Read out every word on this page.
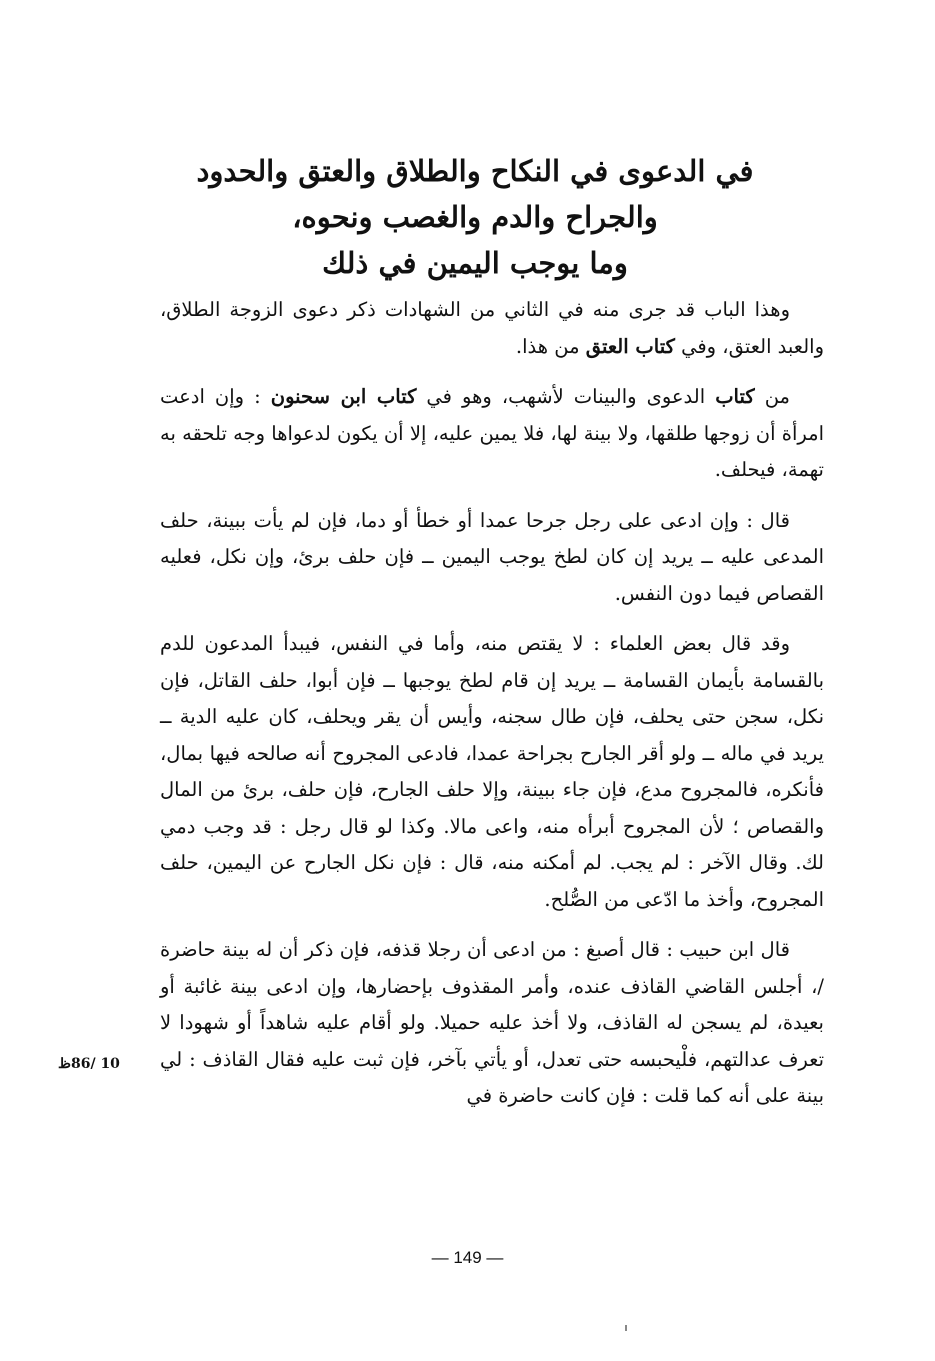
في الدعوى في النكاح والطلاق والعتق والحدود
والجراح والدم والغصب ونحوه،
وما يوجب اليمين في ذلك

وهذا الباب قد جرى منه في الثاني من الشهادات ذكر دعوى الزوجة الطلاق، والعبد العتق، وفي كتاب العتق من هذا.

من كتاب الدعوى والبينات لأشهب، وهو في كتاب ابن سحنون : وإن ادعت امرأة أن زوجها طلقها، ولا بينة لها، فلا يمين عليه، إلا أن يكون لدعواها وجه تلحقه به تهمة، فيحلف.

قال : وإن ادعى على رجل جرحا عمدا أو خطأ أو دما، فإن لم يأت ببينة، حلف المدعى عليه ــ يريد إن كان لطخ يوجب اليمين ــ فإن حلف برئ، وإن نكل، فعليه القصاص فيما دون النفس.

وقد قال بعض العلماء : لا يقتص منه، وأما في النفس، فيبدأ المدعون للدم بالقسامة بأيمان القسامة ــ يريد إن قام لطخ يوجبها ــ فإن أبوا، حلف القاتل، فإن نكل، سجن حتى يحلف، فإن طال سجنه، وأيس أن يقر ويحلف، كان عليه الدية ــ يريد في ماله ــ ولو أقر الجارح بجراحة عمدا، فادعى المجروح أنه صالحه فيها بمال، فأنكره، فالمجروح مدع، فإن جاء ببينة، وإلا حلف الجارح، فإن حلف، برئ من المال والقصاص ؛ لأن المجروح أبرأه منه، واعى مالا. وكذا لو قال رجل : قد وجب دمي لك. وقال الآخر : لم يجب. لم أمكنه منه، قال : فإن نكل الجارح عن اليمين، حلف المجروح، وأخذ ما ادّعى من الصُّلح.

قال ابن حبيب : قال أصبغ : من ادعى أن رجلا قذفه، فإن ذكر أن له بينة حاضرة /، أجلس القاضي القاذف عنده، وأمر المقذوف بإحضارها، وإن ادعى بينة غائبة أو بعيدة، لم يسجن له القاذف، ولا أخذ عليه حميلا. ولو أقام عليه شاهداً أو شهودا لا تعرف عدالتهم، فلْيحبسه حتى تعدل، أو يأتي بآخر، فإن ثبت عليه فقال القاذف : لي بينة على أنه كما قلت : فإن كانت حاضرة في

10 /86ظ
— 149 —
